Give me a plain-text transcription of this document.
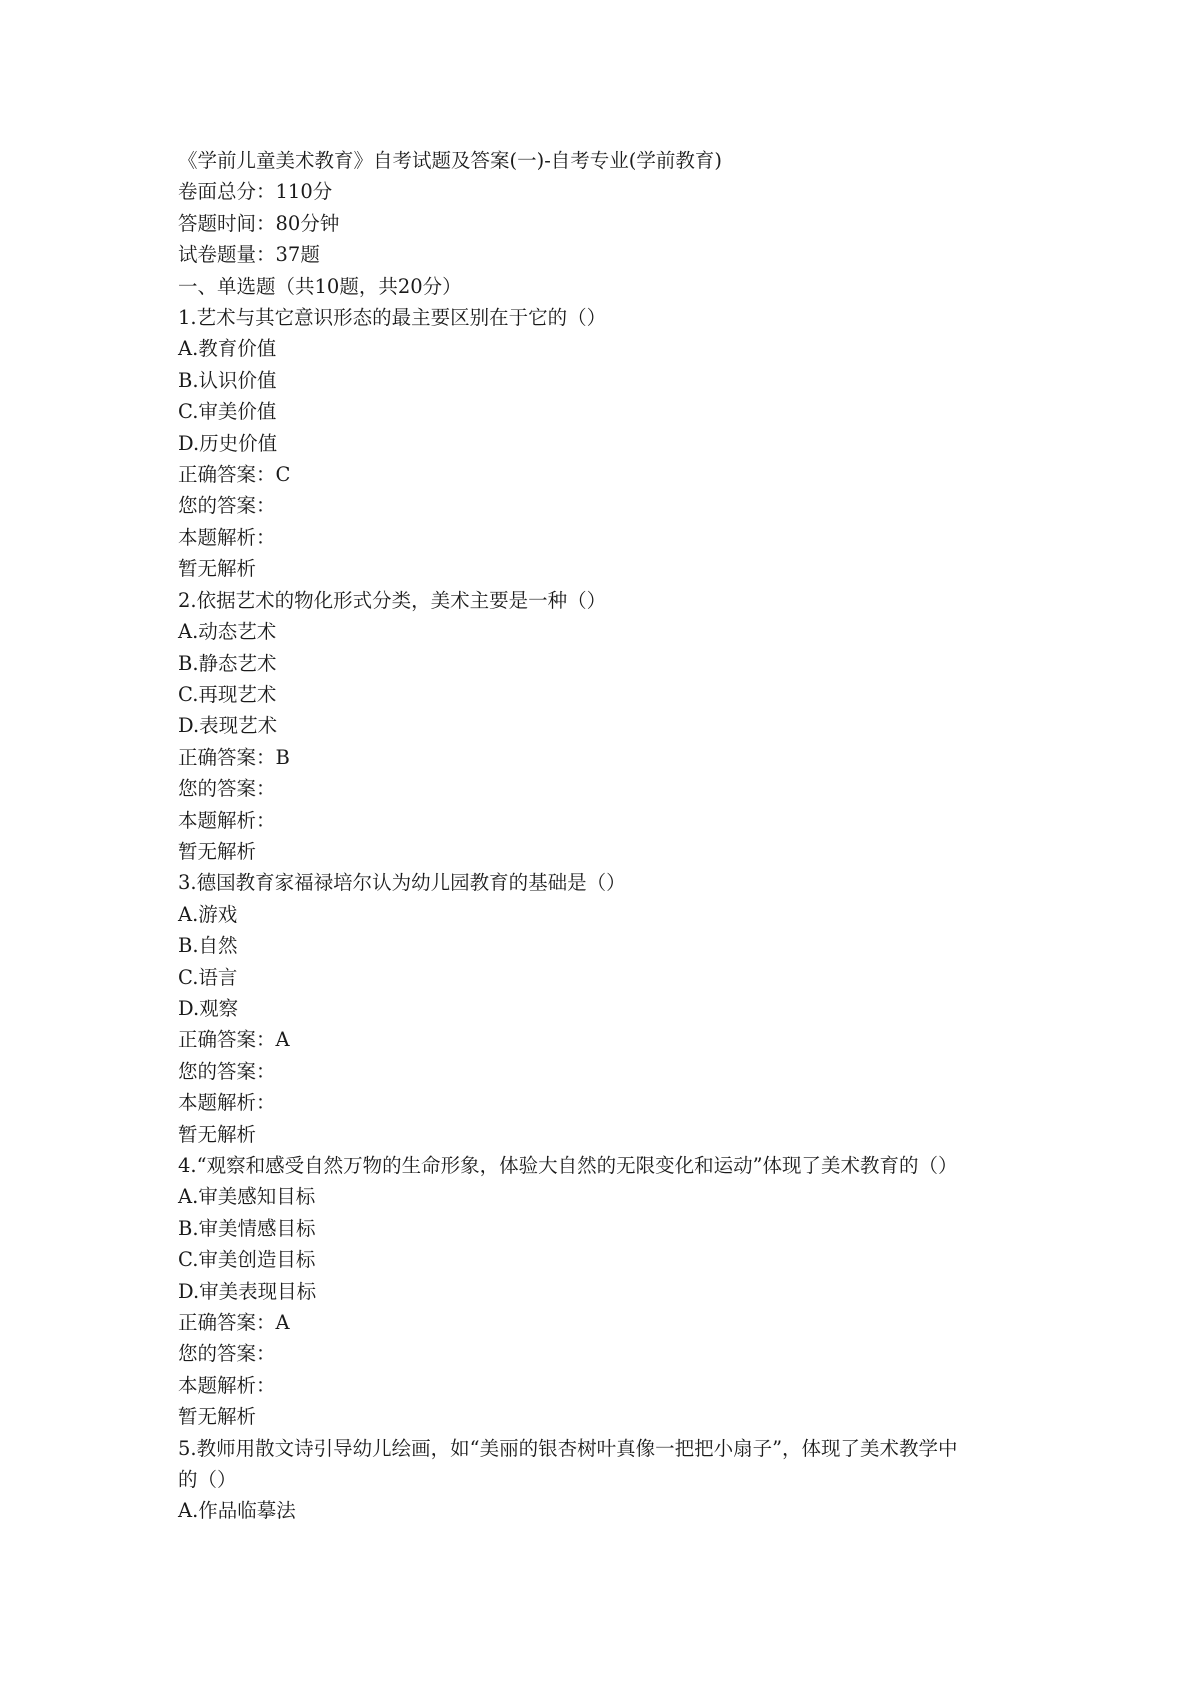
《学前儿童美术教育》自考试题及答案(一)-自考专业(学前教育)
卷面总分：110分
答题时间：80分钟
试卷题量：37题
一、单选题（共10题，共20分）
1.艺术与其它意识形态的最主要区别在于它的（）
A.教育价值
B.认识价值
C.审美价值
D.历史价值
正确答案：C
您的答案：
本题解析：
暂无解析
2.依据艺术的物化形式分类，美术主要是一种（）
A.动态艺术
B.静态艺术
C.再现艺术
D.表现艺术
正确答案：B
您的答案：
本题解析：
暂无解析
3.德国教育家福禄培尔认为幼儿园教育的基础是（）
A.游戏
B.自然
C.语言
D.观察
正确答案：A
您的答案：
本题解析：
暂无解析
4.“观察和感受自然万物的生命形象，体验大自然的无限变化和运动”体现了美术教育的（）
A.审美感知目标
B.审美情感目标
C.审美创造目标
D.审美表现目标
正确答案：A
您的答案：
本题解析：
暂无解析
5.教师用散文诗引导幼儿绘画，如“美丽的银杏树叶真像一把把小扇子”，体现了美术教学中
的（）
A.作品临摹法
